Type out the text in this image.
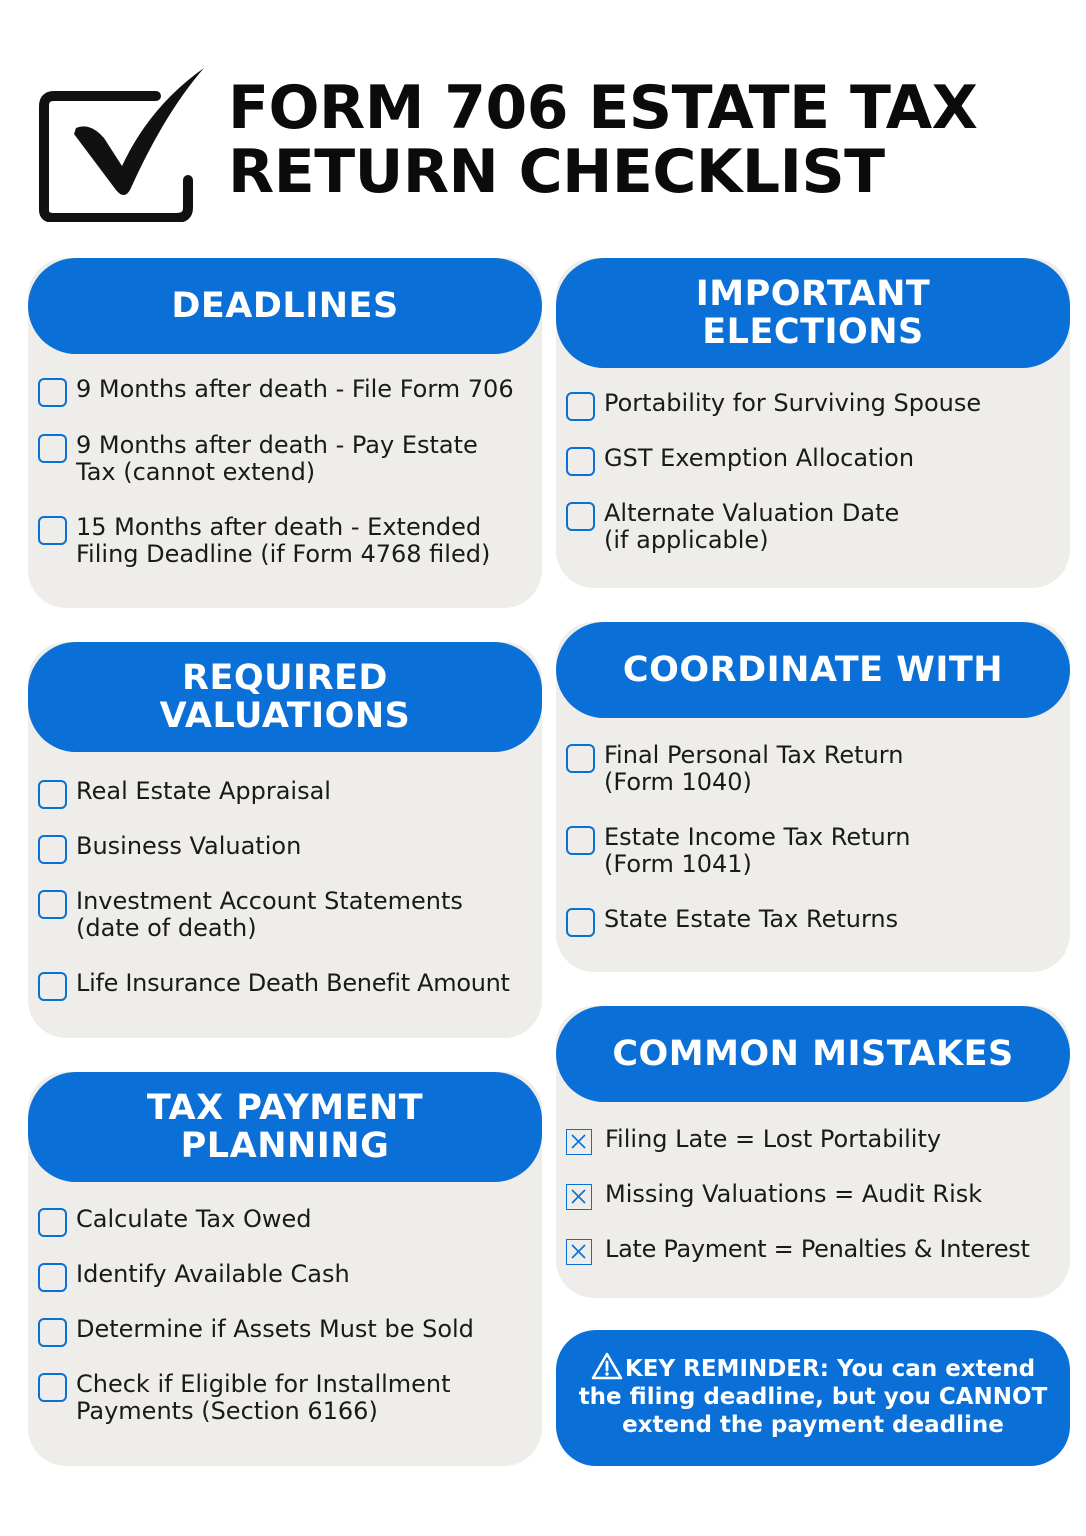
FORM 706 ESTATE TAX
RETURN CHECKLIST
DEADLINES
9 Months after death - File Form 706
9 Months after death - Pay Estate
Tax (cannot extend)
15 Months after death - Extended
Filing Deadline (if Form 4768 filed)
IMPORTANT ELECTIONS
Portability for Surviving Spouse
GST Exemption Allocation
Alternate Valuation Date
(if applicable)
REQUIRED VALUATIONS
Real Estate Appraisal
Business Valuation
Investment Account Statements
(date of death)
Life Insurance Death Benefit Amount
COORDINATE WITH
Final Personal Tax Return
(Form 1040)
Estate Income Tax Return
(Form 1041)
State Estate Tax Returns
TAX PAYMENT PLANNING
Calculate Tax Owed
Identify Available Cash
Determine if Assets Must be Sold
Check if Eligible for Installment
Payments (Section 6166)
COMMON MISTAKES
Filing Late = Lost Portability
Missing Valuations = Audit Risk
Late Payment = Penalties & Interest
KEY REMINDER: You can extend the filing deadline, but you CANNOT extend the payment deadline
